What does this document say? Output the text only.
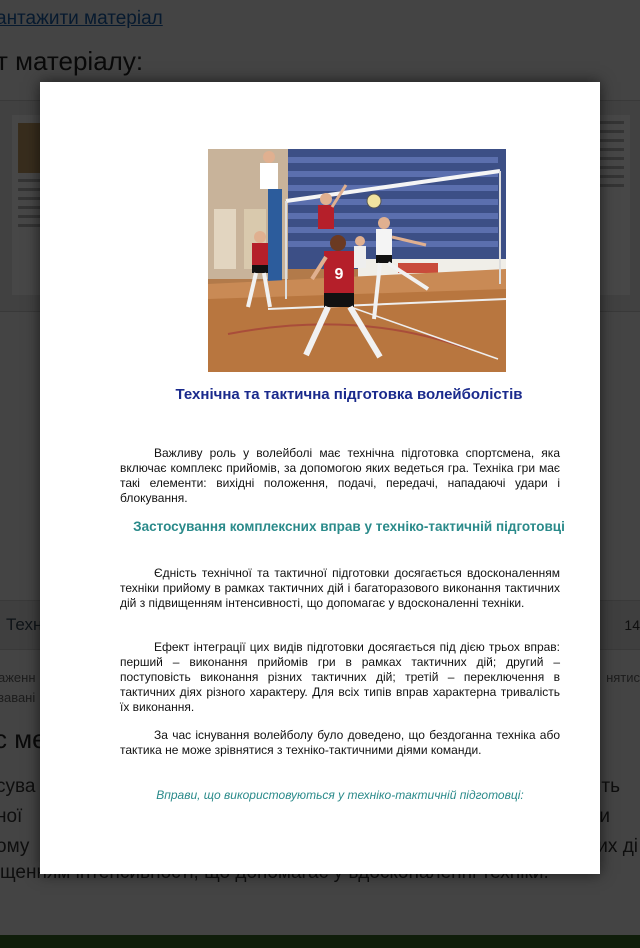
9
Технічна та тактична підготовка волейболістів

Важливу роль у волейболі має технічна підготовка спортсмена, яка включає комплекс прийомів, за допомогою яких ведеться гра. Техніка гри має такі елементи: вихідні положення, подачі, передачі, нападаючі удари і блокування.

Застосування комплексних вправ у техніко-тактичній підготовці

Єдність технічної та тактичної підготовки досягається вдосконаленням техніки прийому в рамках тактичних дій і багаторазового виконання тактичних дій з підвищенням інтенсивності, що допомагає у вдосконаленні техніки.

Ефект інтеграції цих видів підготовки досягається під дією трьох вправ: перший – виконання прийомів гри в рамках тактичних дій; другий – поступовість виконання різних тактичних дій; третій – переключення в тактичних діях різного характеру. Для всіх типів вправ характерна тривалість їх виконання.

За час існування волейболу було доведено, що бездоганна техніка або тактика не може зрівнятися з техніко-тактичними діями команди.

Вправи, що використовуються у техніко-тактичній підготовці:
